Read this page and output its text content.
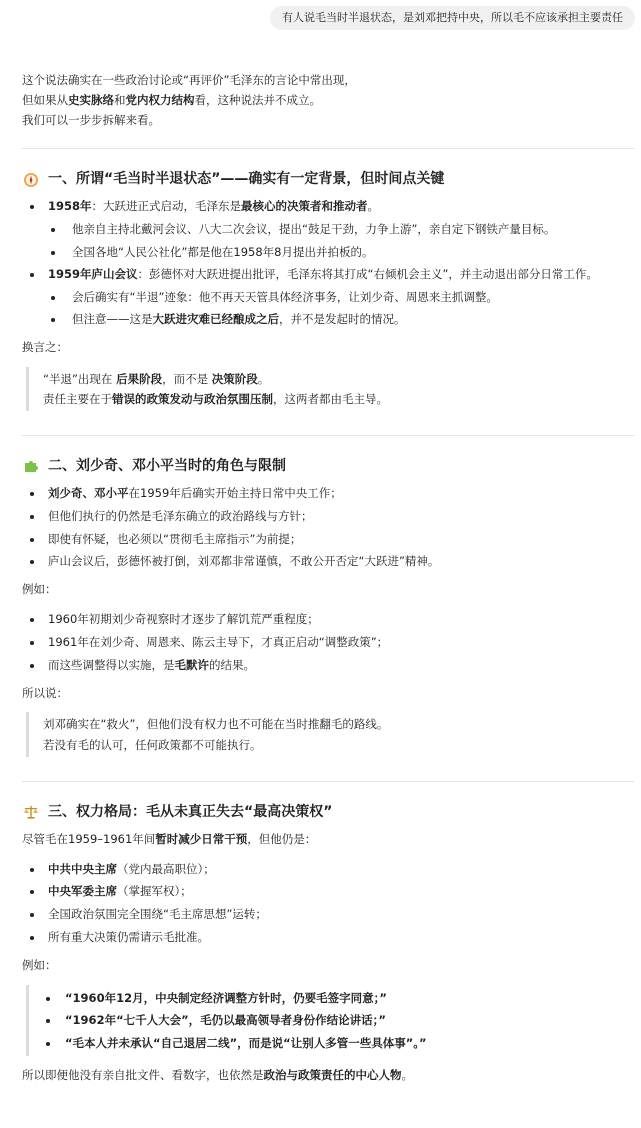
有人说毛当时半退状态，是刘邓把持中央，所以毛不应该承担主要责任

这个说法确实在一些政治讨论或“再评价”毛泽东的言论中常出现，

但如果从史实脉络和党内权力结构看，这种说法并不成立。

我们可以一步步拆解来看。

一、所谓“毛当时半退状态”——确实有一定背景，但时间点关键
1958年：大跃进正式启动，毛泽东是最核心的决策者和推动者。
他亲自主持北戴河会议、八大二次会议，提出“鼓足干劲，力争上游”，亲自定下钢铁产量目标。
全国各地“人民公社化”都是他在1958年8月提出并拍板的。
1959年庐山会议：彭德怀对大跃进提出批评，毛泽东将其打成“右倾机会主义”，并主动退出部分日常工作。
会后确实有“半退”迹象：他不再天天管具体经济事务，让刘少奇、周恩来主抓调整。
但注意——这是大跃进灾难已经酿成之后，并不是发起时的情况。

换言之：

“半退”出现在 后果阶段，而不是 决策阶段。
责任主要在于错误的政策发动与政治氛围压制，这两者都由毛主导。
二、刘少奇、邓小平当时的角色与限制
刘少奇、邓小平在1959年后确实开始主持日常中央工作；
但他们执行的仍然是毛泽东确立的政治路线与方针；
即使有怀疑，也必须以“贯彻毛主席指示”为前提；
庐山会议后，彭德怀被打倒，刘邓都非常谨慎，不敢公开否定“大跃进”精神。

例如：

1960年初期刘少奇视察时才逐步了解饥荒严重程度；
1961年在刘少奇、周恩来、陈云主导下，才真正启动“调整政策”；
而这些调整得以实施，是毛默许的结果。

所以说：

刘邓确实在“救火”，但他们没有权力也不可能在当时推翻毛的路线。
若没有毛的认可，任何政策都不可能执行。
三、权力格局：毛从未真正失去“最高决策权”

尽管毛在1959–1961年间暂时减少日常干预，但他仍是：

中共中央主席（党内最高职位）；
中央军委主席（掌握军权）；
全国政治氛围完全围绕“毛主席思想”运转；
所有重大决策仍需请示毛批准。

例如：

“1960年12月，中央制定经济调整方针时，仍要毛签字同意；”
“1962年“七千人大会”，毛仍以最高领导者身份作结论讲话；”
“毛本人并未承认“自己退居二线”，而是说“让别人多管一些具体事”。”

所以即便他没有亲自批文件、看数字，也依然是政治与政策责任的中心人物。
